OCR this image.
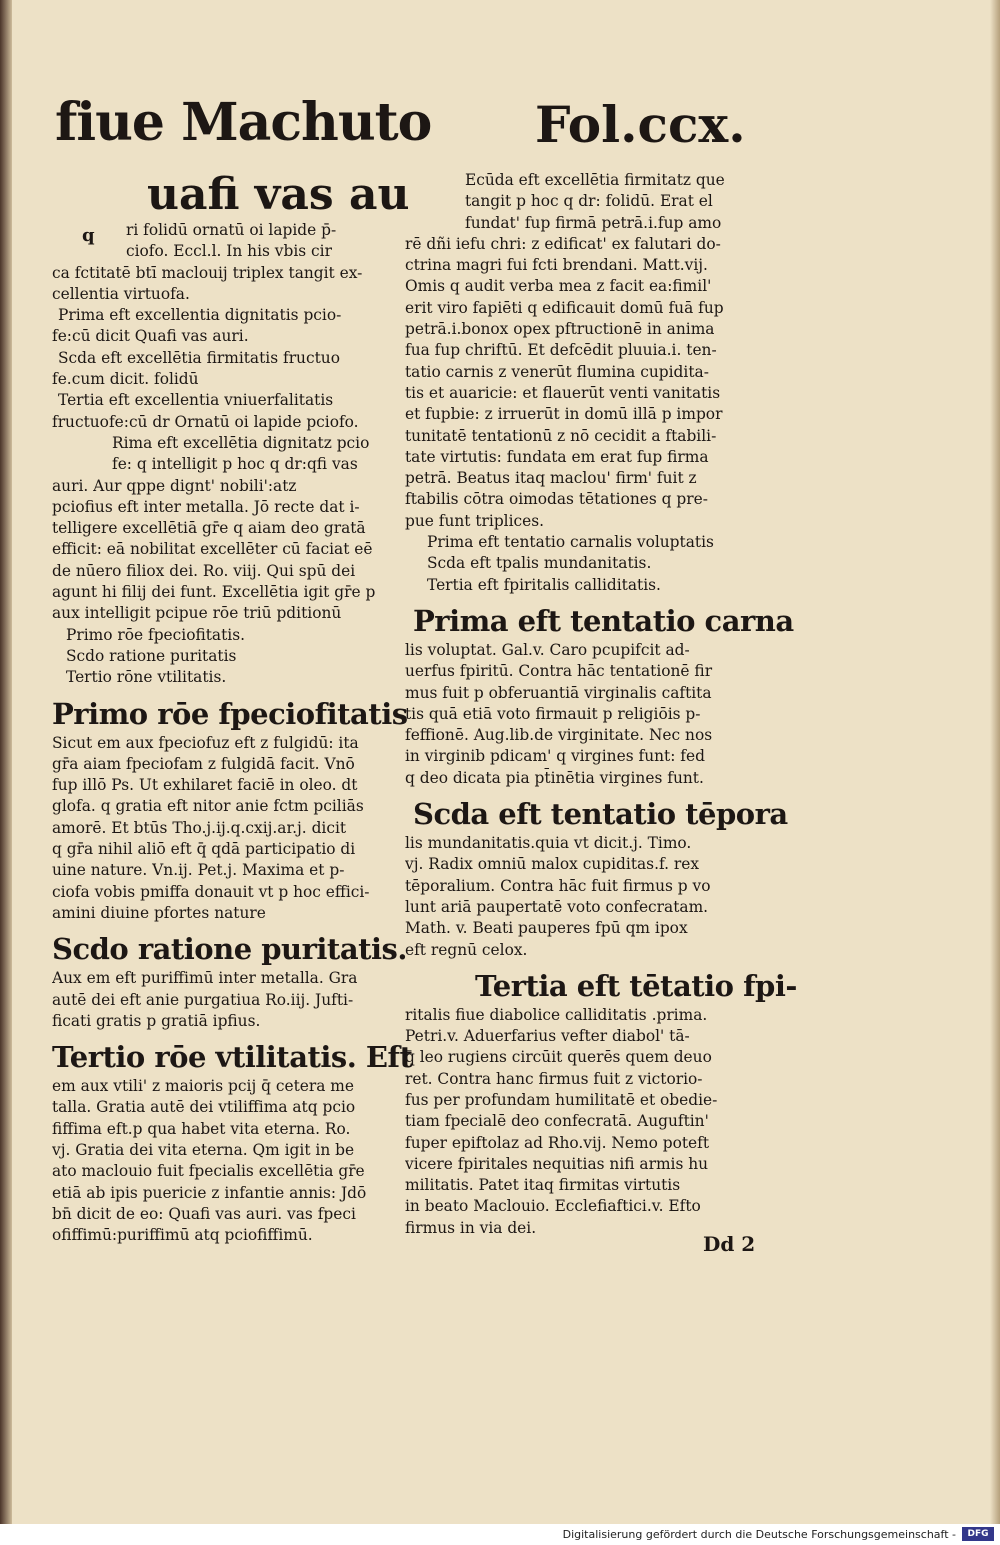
fiue Machuto Fol.ccx.
uafi vas au
ri folidū ornatū oi lapide p̄-
ciofo. Eccl.l. In his vbis cir
ca fctitatē btī maclouij triplex tangit ex-
cellentia virtuofa.
Prima eft excellentia dignitatis pcio-
fe:cū dicit Quafi vas auri.
Scda eft excellētia firmitatis fructuo
fe.cum dicit. folidū
Tertia eft excellentia vniuerfalitatis
fructuofe:cū dr Ornatū oi lapide pciofo.
Rima eft excellētia dignitatz pcio
fe: q intelligit p hoc q dr:qfi vas
auri. Aur qppe dignt' nobili':atz
pciofius eft inter metalla. Jō recte dat i-
telligere excellētiā gr̄e q aiam deo gratā
efficit: eā nobilitat excellēter cū faciat eē
de nūero filiox dei. Ro. viij. Qui spū dei
agunt hi filij dei funt. Excellētia igit gr̄e p
aux intelligit pcipue rōe triū pditionū
Primo rōe fpeciofitatis.
Scdo ratione puritatis
Tertio rōne vtilitatis.
Primo rōe fpeciofitatis
Sicut em aux fpeciofuz eft z fulgidū: ita
gr̄a aiam fpeciofam z fulgidā facit. Vnō
fup illō Ps. Ut exhilaret faciē in oleo. dt
glofa. q gratia eft nitor anie fctm pciliās
amorē. Et btūs Tho.j.ij.q.cxij.ar.j. dicit
q gr̄a nihil aliō eft q̄ qdā participatio di
uine nature. Vn.ij. Pet.j. Maxima et p-
ciofa vobis pmiffa donauit vt p hoc effici-
amini diuine pfortes nature
Scdo ratione puritatis.
Aux em eft puriffimū inter metalla. Gra
autē dei eft anie purgatiua Ro.iij. Jufti-
ficati gratis p gratiā ipfius.
Tertio rōe vtilitatis. Eft
em aux vtili' z maioris pcij q̄ cetera me
talla. Gratia autē dei vtiliffima atq pcio
fiffima eft.p qua habet vita eterna. Ro.
vj. Gratia dei vita eterna. Qm igit in be
ato maclouio fuit fpecialis excellētia gr̄e
etiā ab ipis puericie z infantie annis: Jdō
bn̄ dicit de eo: Quafi vas auri. vas fpeci
ofiffimū:puriffimū atq pciofiffimū.
q
Ecūda eft excellētia firmitatz que
tangit p hoc q dr: folidū. Erat el
fundat' fup firmā petrā.i.fup amo
rē dñi iefu chri: z edificat' ex falutari do-
ctrina magri fui fcti brendani. Matt.vij.
Omis q audit verba mea z facit ea:fimil'
erit viro fapiēti q edificauit domū fuā fup
petrā.i.bonox opex pftructionē in anima
fua fup chriftū. Et defcēdit pluuia.i. ten-
tatio carnis z venerūt flumina cupidita-
tis et auaricie: et flauerūt venti vanitatis
et fupbie: z irruerūt in domū illā p impor
tunitatē tentationū z nō cecidit a ftabili-
tate virtutis: fundata em erat fup firma
petrā. Beatus itaq maclou' firm' fuit z
ftabilis cōtra oimodas tētationes q pre-
pue funt triplices.
Prima eft tentatio carnalis voluptatis
Scda eft tpalis mundanitatis.
Tertia eft fpiritalis calliditatis.
Prima eft tentatio carna
lis voluptat. Gal.v. Caro pcupifcit ad-
uerfus fpiritū. Contra hāc tentationē fir
mus fuit p obferuantiā virginalis caftita
tis quā etiā voto firmauit p religiōis p-
feffionē. Aug.lib.de virginitate. Nec nos
in virginib pdicam' q virgines funt: fed
q deo dicata pia pt̄inētia virgines funt.
Scda eft tentatio tēpora
lis mundanitatis.quia vt dicit.j. Timo.
vj. Radix omniū malox cupiditas.f. rex
tēporalium. Contra hāc fuit firmus p vo
lunt ariā paupertatē voto confecratam.
Math. v. Beati pauperes fpū qm ipox
eft regnū celox.
Tertia eft tētatio fpi-
ritalis fiue diabolice calliditatis .prima.
Petri.v. Aduerfarius vefter diabol' tā-
q̄ leo rugiens circūit querēs quem deuo
ret. Contra hanc firmus fuit z victorio-
fus per profundam humilitatē et obedie-
tiam fpecialē deo confecratā. Auguftin'
fuper epiftolaz ad Rho.vij. Nemo poteft
vicere fpiritales nequitias nifi armis hu
militatis. Patet itaq firmitas virtutis
in beato Maclouio. Ecclefiaftici.v. Efto
firmus in via dei.
Dd 2
Digitalisierung gefördert durch die Deutsche Forschungsgemeinschaft -	DFG
